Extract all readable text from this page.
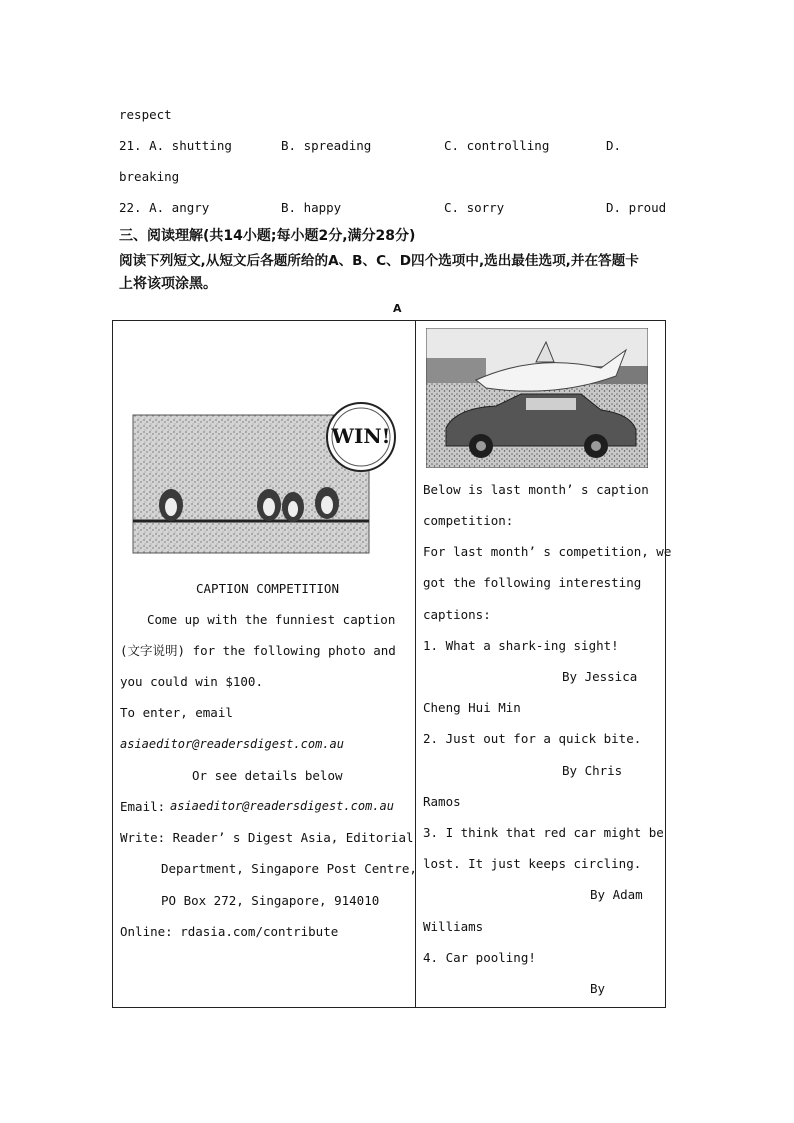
respect
21. A. shutting	B. spreading	C. controlling	D.
breaking
22. A. angry	B. happy	C. sorry	D. proud
三、阅读理解(共14小题;每小题2分,满分28分)
阅读下列短文,从短文后各题所给的A、B、C、D四个选项中,选出最佳选项,并在答题卡
上将该项涂黑。
A
WIN!
CAPTION COMPETITION
Come up with the funniest caption
(文字说明) for the following photo and
you could win $100.
To enter, email
asiaeditor@readersdigest.com.au
Or see details below
Email: asiaeditor@readersdigest.com.au
Write: Reader’ s Digest Asia, Editorial
Department, Singapore Post Centre,
PO Box 272, Singapore, 914010
Online: rdasia.com/contribute
Below is last month’ s caption
competition:
For last month’ s competition, we
got the following interesting
captions:
1. What a shark-ing sight!
By Jessica
Cheng Hui Min
2. Just out for a quick bite.
By Chris
Ramos
3. I think that red car might be
lost. It just keeps circling.
By Adam
Williams
4. Car pooling!
By
